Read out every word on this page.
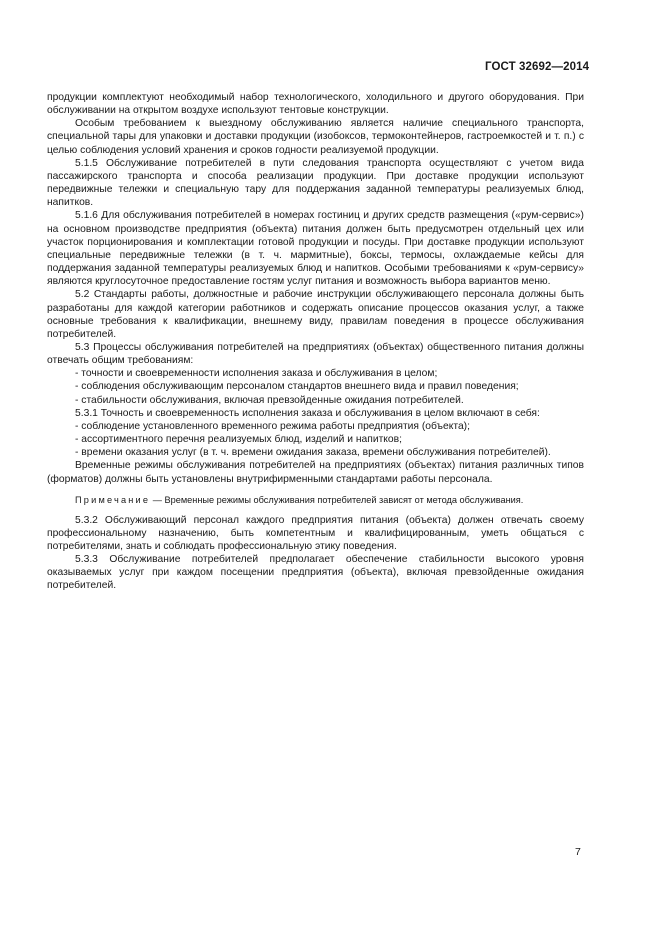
ГОСТ 32692—2014

продукции комплектуют необходимый набор технологического, холодильного и другого оборудования. При обслуживании на открытом воздухе используют тентовые конструкции.

Особым требованием к выездному обслуживанию является наличие специального транспорта, специальной тары для упаковки и доставки продукции (изобоксов, термоконтейнеров, гастроемкостей и т. п.) с целью соблюдения условий хранения и сроков годности реализуемой продукции.

5.1.5 Обслуживание потребителей в пути следования транспорта осуществляют с учетом вида пассажирского транспорта и способа реализации продукции. При доставке продукции используют передвижные тележки и специальную тару для поддержания заданной температуры реализуемых блюд, напитков.

5.1.6 Для обслуживания потребителей в номерах гостиниц и других средств размещения («рум-сервис») на основном производстве предприятия (объекта) питания должен быть предусмотрен отдельный цех или участок порционирования и комплектации готовой продукции и посуды. При доставке продукции используют специальные передвижные тележки (в т. ч. мармитные), боксы, термосы, охлаждаемые кейсы для поддержания заданной температуры реализуемых блюд и напитков. Особыми требованиями к «рум-сервису» являются круглосуточное предоставление гостям услуг питания и возможность выбора вариантов меню.

5.2 Стандарты работы, должностные и рабочие инструкции обслуживающего персонала должны быть разработаны для каждой категории работников и содержать описание процессов оказания услуг, а также основные требования к квалификации, внешнему виду, правилам поведения в процессе обслуживания потребителей.

5.3 Процессы обслуживания потребителей на предприятиях (объектах) общественного питания должны отвечать общим требованиям:

- точности и своевременности исполнения заказа и обслуживания в целом;

- соблюдения обслуживающим персоналом стандартов внешнего вида и правил поведения;

- стабильности обслуживания, включая превзойденные ожидания потребителей.

5.3.1 Точность и своевременность исполнения заказа и обслуживания в целом включают в себя:

- соблюдение установленного временного режима работы предприятия (объекта);

- ассортиментного перечня реализуемых блюд, изделий и напитков;

- времени оказания услуг (в т. ч. времени ожидания заказа, времени обслуживания потребителей).

Временные режимы обслуживания потребителей на предприятиях (объектах) питания различных типов (форматов) должны быть установлены внутрифирменными стандартами работы персонала.

Примечание — Временные режимы обслуживания потребителей зависят от метода обслуживания.

5.3.2 Обслуживающий персонал каждого предприятия питания (объекта) должен отвечать своему профессиональному назначению, быть компетентным и квалифицированным, уметь общаться с потребителями, знать и соблюдать профессиональную этику поведения.

5.3.3 Обслуживание потребителей предполагает обеспечение стабильности высокого уровня оказываемых услуг при каждом посещении предприятия (объекта), включая превзойденные ожидания потребителей.

7
